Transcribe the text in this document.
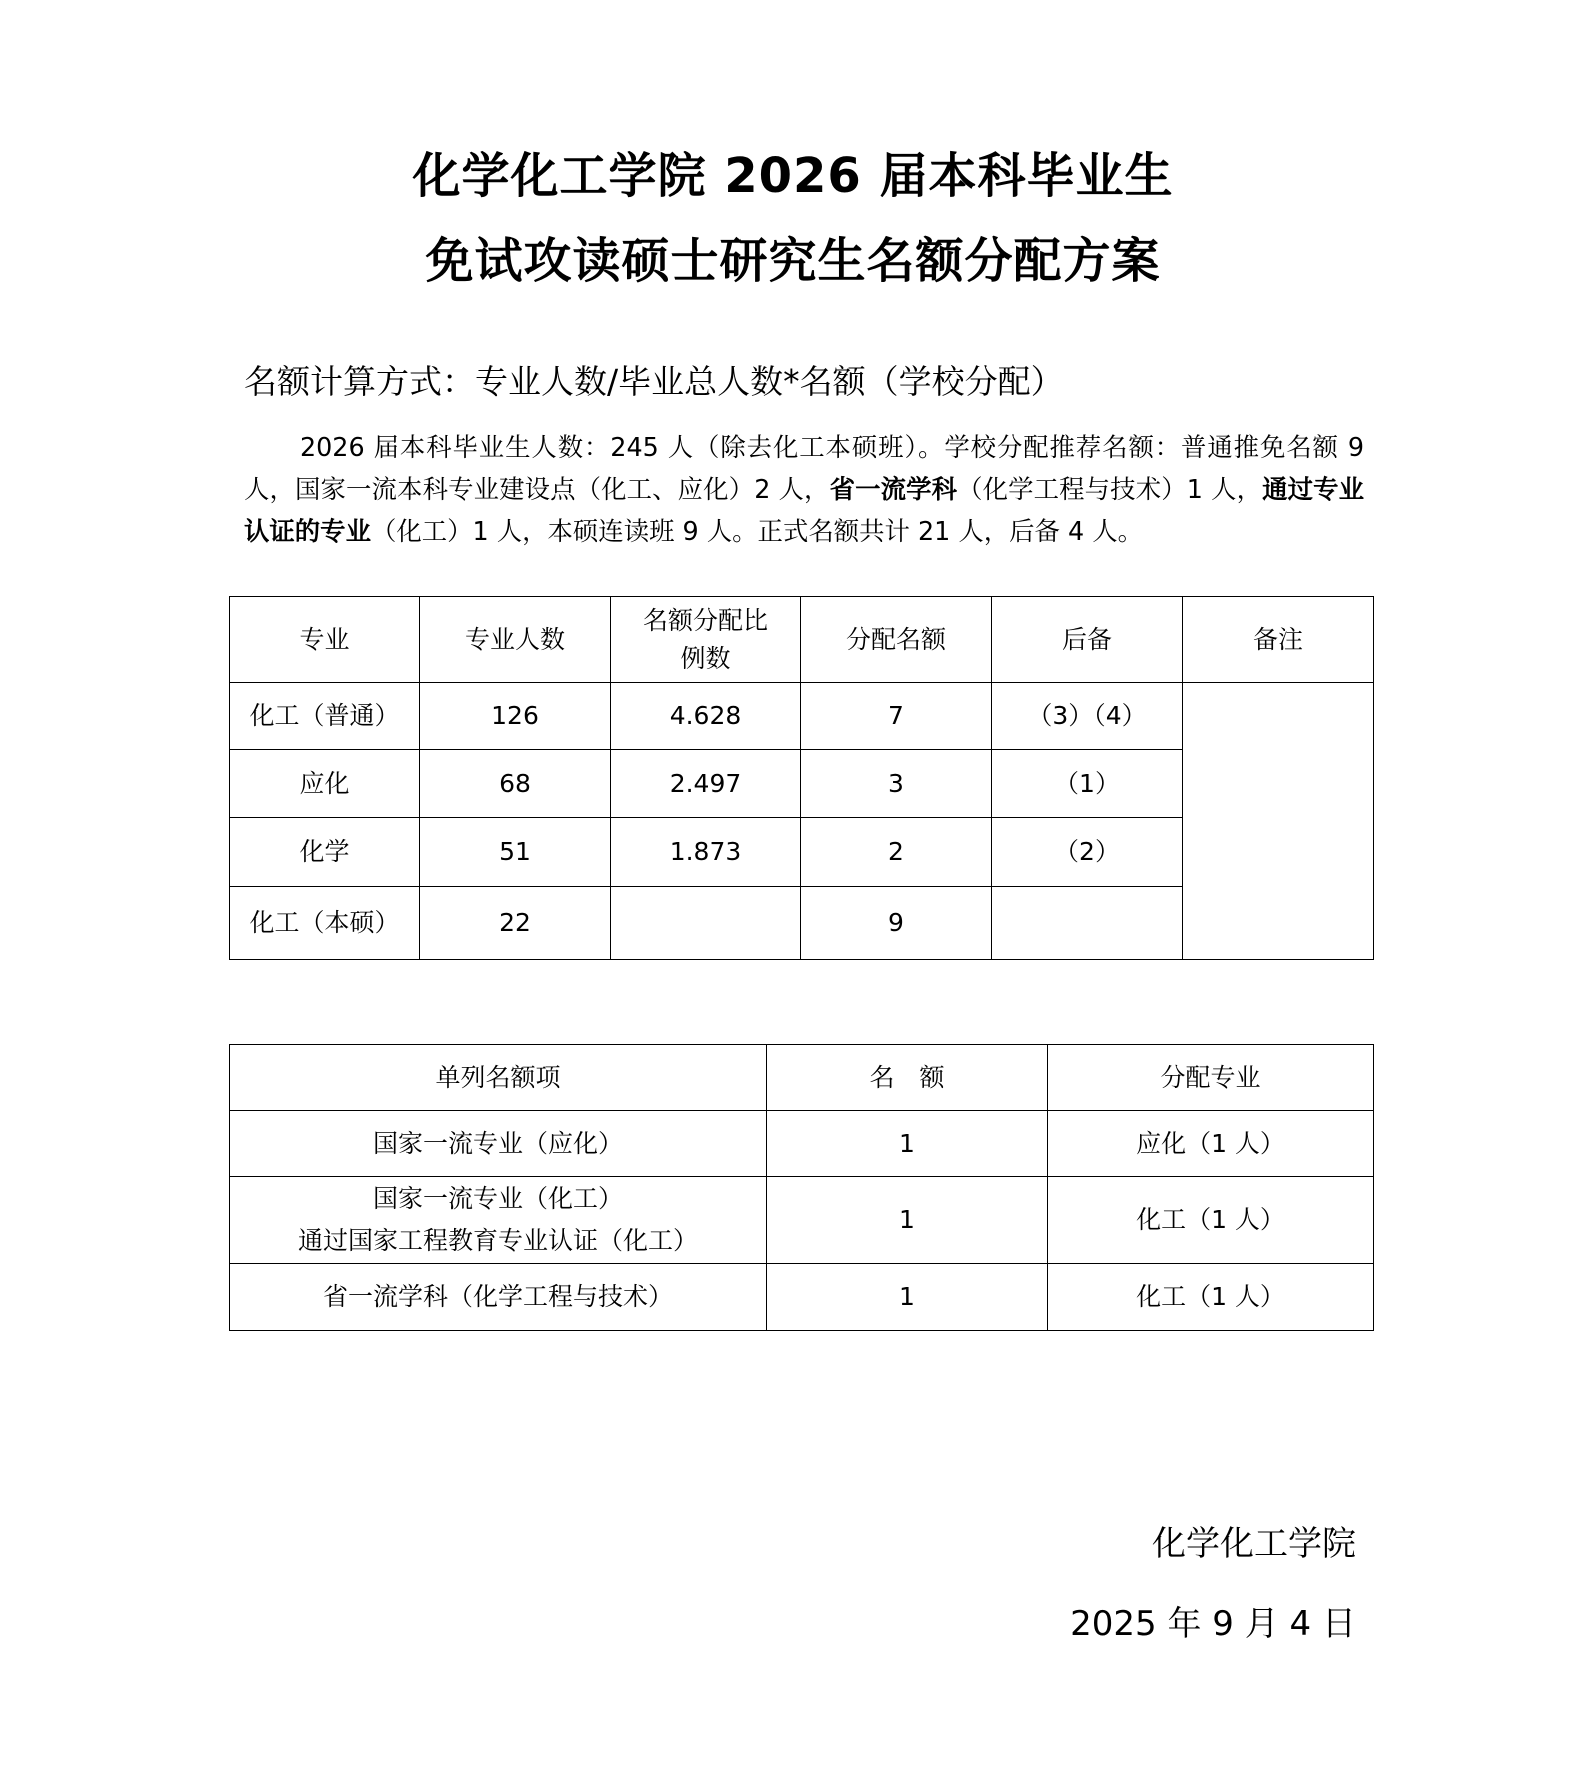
化学化工学院 2026 届本科毕业生
免试攻读硕士研究生名额分配方案
名额计算方式：专业人数/毕业总人数*名额（学校分配）
2026 届本科毕业生人数：245 人（除去化工本硕班）。学校分配推荐名额：普通推免名额 9 人，国家一流本科专业建设点（化工、应化）2 人，省一流学科（化学工程与技术）1 人，通过专业认证的专业（化工）1 人，本硕连读班 9 人。正式名额共计 21 人，后备 4 人。
专业	专业人数	名额分配比例数	分配名额	后备	备注
化工（普通）	126	4.628	7	（3）（4）	
应化	68	2.497	3	（1）	
化学	51	1.873	2	（2）	
化工（本硕）	22		9		
单列名额项	名　额	分配专业
国家一流专业（应化）	1	应化（1 人）
国家一流专业（化工）
通过国家工程教育专业认证（化工）	1	化工（1 人）
省一流学科（化学工程与技术）	1	化工（1 人）
化学化工学院
2025 年 9 月 4 日
